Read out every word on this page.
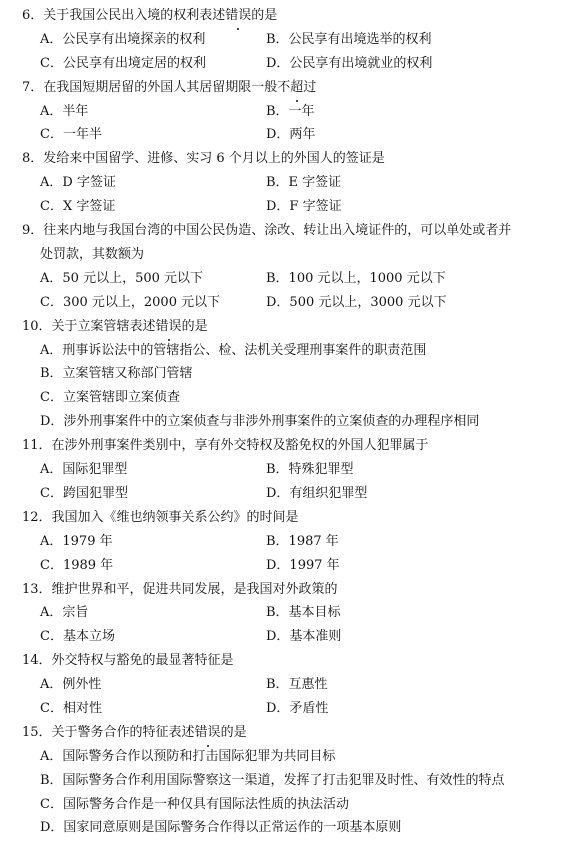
6．关于我国公民出入境的权利表述错误的是
A．公民享有出境探亲的权利	B．公民享有出境选举的权利
C．公民享有出境定居的权利	D．公民享有出境就业的权利
7．在我国短期居留的外国人其居留期限一般不超过
A．半年	B．一年
C．一年半	D．两年
8．发给来中国留学、进修、实习 6 个月以上的外国人的签证是
A．D 字签证	B．E 字签证
C．X 字签证	D．F 字签证
9．往来内地与我国台湾的中国公民伪造、涂改、转让出入境证件的，可以单处或者并
处罚款，其数额为
A．50 元以上，500 元以下	B．100 元以上，1000 元以下
C．300 元以上，2000 元以下	D．500 元以上，3000 元以下
10．关于立案管辖表述错误的是
A．刑事诉讼法中的管辖指公、检、法机关受理刑事案件的职责范围
B．立案管辖又称部门管辖
C．立案管辖即立案侦查
D．涉外刑事案件中的立案侦查与非涉外刑事案件的立案侦查的办理程序相同
11．在涉外刑事案件类别中，享有外交特权及豁免权的外国人犯罪属于
A．国际犯罪型	B．特殊犯罪型
C．跨国犯罪型	D．有组织犯罪型
12．我国加入《维也纳领事关系公约》的时间是
A．1979 年	B．1987 年
C．1989 年	D．1997 年
13．维护世界和平，促进共同发展，是我国对外政策的
A．宗旨	B．基本目标
C．基本立场	D．基本准则
14．外交特权与豁免的最显著特征是
A．例外性	B．互惠性
C．相对性	D．矛盾性
15．关于警务合作的特征表述错误的是
A．国际警务合作以预防和打击国际犯罪为共同目标
B．国际警务合作利用国际警察这一渠道，发挥了打击犯罪及时性、有效性的特点
C．国际警务合作是一种仅具有国际法性质的执法活动
D．国家同意原则是国际警务合作得以正常运作的一项基本原则
